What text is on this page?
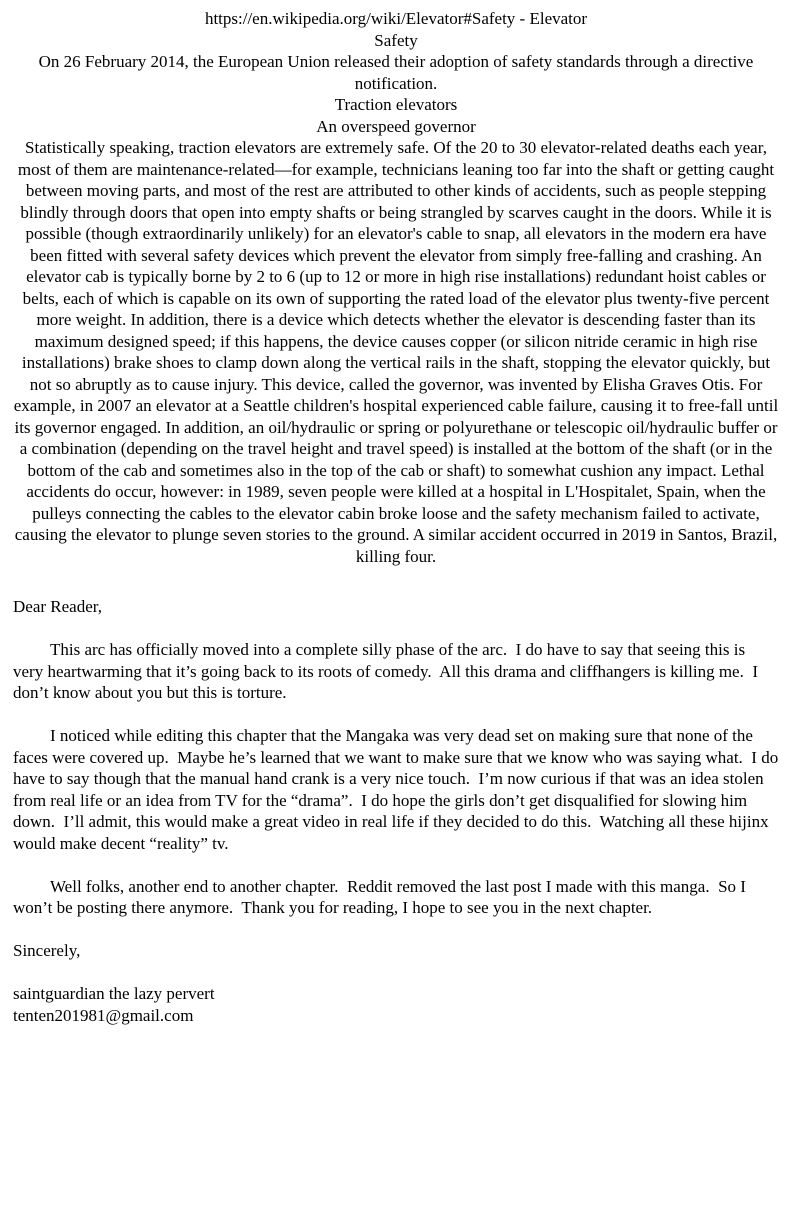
https://en.wikipedia.org/wiki/Elevator#Safety - Elevator
Safety
On 26 February 2014, the European Union released their adoption of safety standards through a directive notification.
Traction elevators
An overspeed governor
Statistically speaking, traction elevators are extremely safe. Of the 20 to 30 elevator-related deaths each year, most of them are maintenance-related—for example, technicians leaning too far into the shaft or getting caught between moving parts, and most of the rest are attributed to other kinds of accidents, such as people stepping blindly through doors that open into empty shafts or being strangled by scarves caught in the doors. While it is possible (though extraordinarily unlikely) for an elevator's cable to snap, all elevators in the modern era have been fitted with several safety devices which prevent the elevator from simply free-falling and crashing. An elevator cab is typically borne by 2 to 6 (up to 12 or more in high rise installations) redundant hoist cables or belts, each of which is capable on its own of supporting the rated load of the elevator plus twenty-five percent more weight. In addition, there is a device which detects whether the elevator is descending faster than its maximum designed speed; if this happens, the device causes copper (or silicon nitride ceramic in high rise installations) brake shoes to clamp down along the vertical rails in the shaft, stopping the elevator quickly, but not so abruptly as to cause injury. This device, called the governor, was invented by Elisha Graves Otis. For example, in 2007 an elevator at a Seattle children's hospital experienced cable failure, causing it to free-fall until its governor engaged. In addition, an oil/hydraulic or spring or polyurethane or telescopic oil/hydraulic buffer or a combination (depending on the travel height and travel speed) is installed at the bottom of the shaft (or in the bottom of the cab and sometimes also in the top of the cab or shaft) to somewhat cushion any impact. Lethal accidents do occur, however: in 1989, seven people were killed at a hospital in L'Hospitalet, Spain, when the pulleys connecting the cables to the elevator cabin broke loose and the safety mechanism failed to activate, causing the elevator to plunge seven stories to the ground. A similar accident occurred in 2019 in Santos, Brazil, killing four.
Dear Reader,
This arc has officially moved into a complete silly phase of the arc.  I do have to say that seeing this is very heartwarming that it’s going back to its roots of comedy.  All this drama and cliffhangers is killing me.  I don’t know about you but this is torture.
I noticed while editing this chapter that the Mangaka was very dead set on making sure that none of the faces were covered up.  Maybe he’s learned that we want to make sure that we know who was saying what.  I do have to say though that the manual hand crank is a very nice touch.  I’m now curious if that was an idea stolen from real life or an idea from TV for the “drama”.  I do hope the girls don’t get disqualified for slowing him down.  I’ll admit, this would make a great video in real life if they decided to do this.  Watching all these hijinx would make decent “reality” tv.
Well folks, another end to another chapter.  Reddit removed the last post I made with this manga.  So I won’t be posting there anymore.  Thank you for reading, I hope to see you in the next chapter.
Sincerely,
saintguardian the lazy pervert
tenten201981@gmail.com
